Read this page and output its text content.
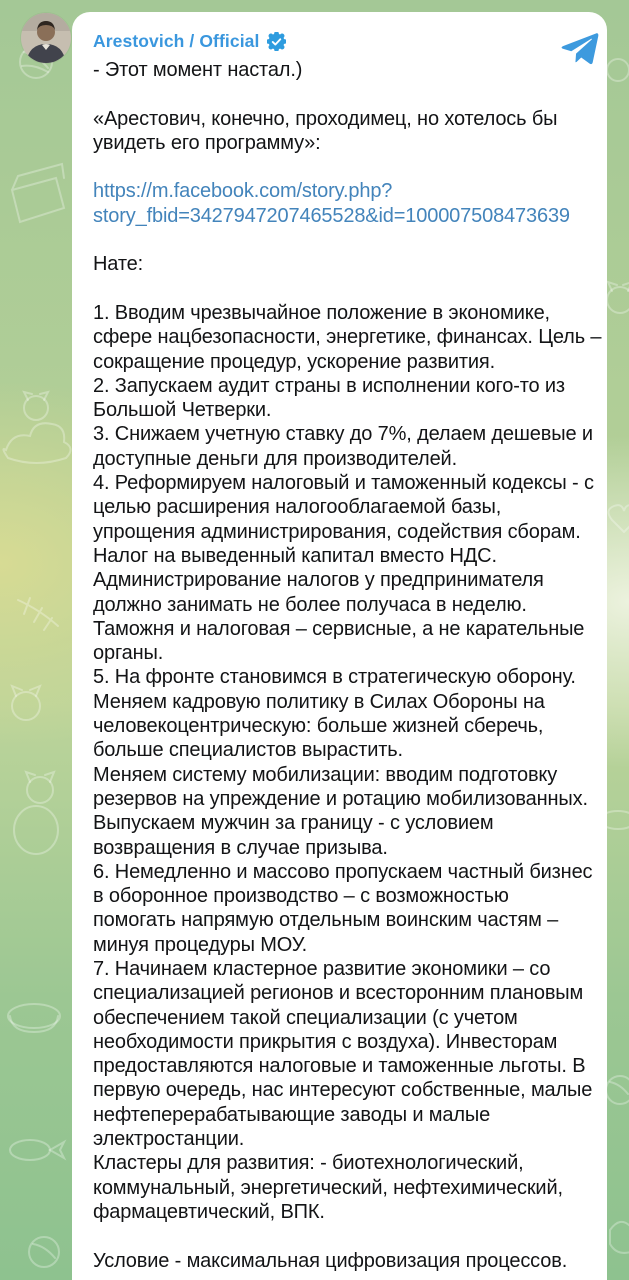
Arestovich / Official
- Этот момент настал.)

«Арестович, конечно, проходимец, но хотелось бы
увидеть его программу»:

https://m.facebook.com/story.php?
story_fbid=3427947207465528&id=100007508473639

Нате:

1. Вводим чрезвычайное положение в экономике,
сфере нацбезопасности, энергетике, финансах. Цель –
сокращение процедур, ускорение развития.
2. Запускаем аудит страны в исполнении кого-то из
Большой Четверки.
3. Снижаем учетную ставку до 7%, делаем дешевые и
доступные деньги для производителей.
4. Реформируем налоговый и таможенный кодексы - с
целью расширения налогооблагаемой базы,
упрощения администрирования, содействия сборам.
Налог на выведенный капитал вместо НДС.
Администрирование налогов у предпринимателя
должно занимать не более получаса в неделю.
Таможня и налоговая – сервисные, а не карательные
органы.
5. На фронте становимся в стратегическую оборону.
Меняем кадровую политику в Силах Обороны на
человекоцентрическую: больше жизней сберечь,
больше специалистов вырастить.
Меняем систему мобилизации: вводим подготовку
резервов на упреждение и ротацию мобилизованных.
Выпускаем мужчин за границу - с условием
возвращения в случае призыва.
6. Немедленно и массово пропускаем частный бизнес
в оборонное производство – с возможностью
помогать напрямую отдельным воинским частям –
минуя процедуры МОУ.
7. Начинаем кластерное развитие экономики – со
специализацией регионов и всесторонним плановым
обеспечением такой специализации (с учетом
необходимости прикрытия с воздуха). Инвесторам
предоставляются налоговые и таможенные льготы. В
первую очередь, нас интересуют собственные, малые
нефтеперерабатывающие заводы и малые
электростанции.
Кластеры для развития: - биотехнологический,
коммунальный, энергетический, нефтехимический,
фармацевтический, ВПК.

Условие - максимальная цифровизация процессов.
